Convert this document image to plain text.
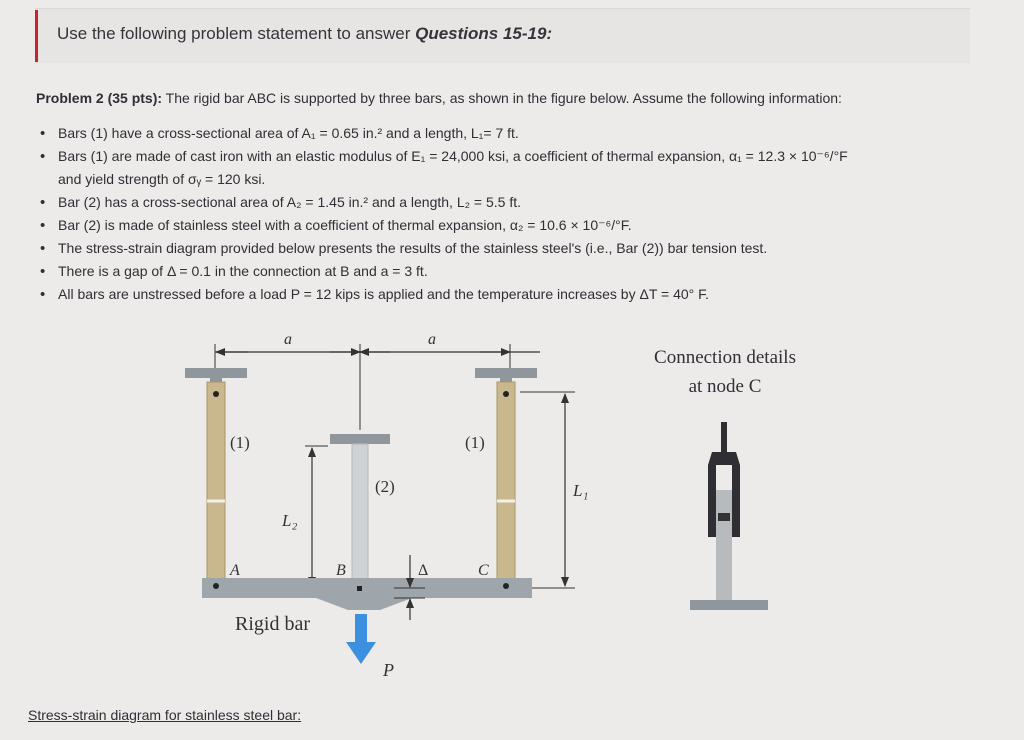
Use the following problem statement to answer Questions 15-19:
Problem 2 (35 pts): The rigid bar ABC is supported by three bars, as shown in the figure below. Assume the following information:
• Bars (1) have a cross-sectional area of A₁ = 0.65 in.² and a length, L₁= 7 ft.
• Bars (1) are made of cast iron with an elastic modulus of E₁ = 24,000 ksi, a coefficient of thermal expansion, α₁ = 12.3 × 10⁻⁶/°F
and yield strength of σᵧ = 120 ksi.
• Bar (2) has a cross-sectional area of A₂ = 1.45 in.² and a length, L₂ = 5.5 ft.
• Bar (2) is made of stainless steel with a coefficient of thermal expansion, α₂ = 10.6 × 10⁻⁶/°F.
• The stress-strain diagram provided below presents the results of the stainless steel's (i.e., Bar (2)) bar tension test.
• There is a gap of Δ = 0.1 in the connection at B and a = 3 ft.
• All bars are unstressed before a load P = 12 kips is applied and the temperature increases by ΔT = 40° F.
a	a
(1)	(1)
L₁
(2)
L₂
A	B	C
Δ
Rigid bar
P
Connection details
at node C
Stress-strain diagram for stainless steel bar:
